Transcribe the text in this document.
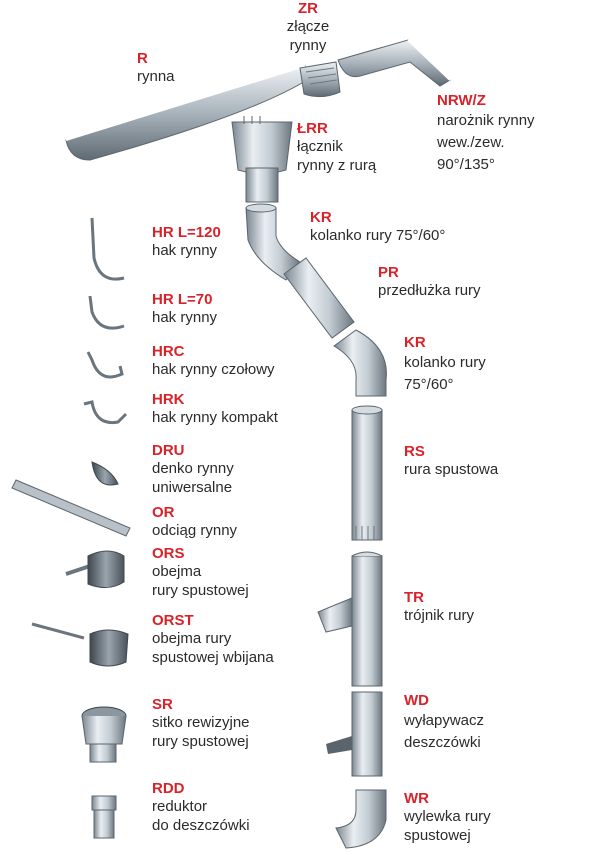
R
rynna
ZR
złącze
rynny
NRW/Z
narożnik rynny
wew./zew.
90°/135°
ŁRR
łącznik
rynny z rurą
KR
kolanko rury 75°/60°
PR
przedłużka rury
KR
kolanko rury
75°/60°
RS
rura spustowa
TR
trójnik rury
WD
wyłapywacz
deszczówki
WR
wylewka rury
spustowej
HR L=120
hak rynny
HR L=70
hak rynny
HRC
hak rynny czołowy
HRK
hak rynny kompakt
DRU
denko rynny
uniwersalne
OR
odciąg rynny
ORS
obejma
rury spustowej
ORST
obejma rury
spustowej wbijana
SR
sitko rewizyjne
rury spustowej
RDD
reduktor
do deszczówki
